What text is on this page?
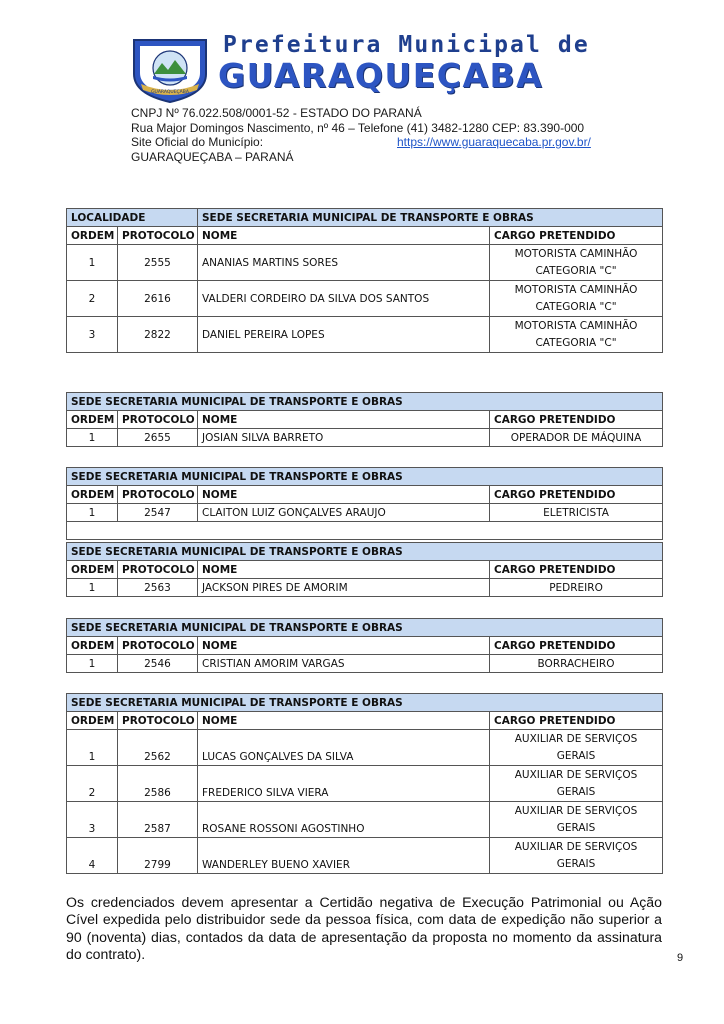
GUARAQUEÇABA
Prefeitura Municipal de
GUARAQUEÇABA
CNPJ Nº 76.022.508/0001-52 - ESTADO DO PARANÁ
Rua Major Domingos Nascimento, nº 46 – Telefone (41) 3482-1280 CEP: 83.390-000
Site Oficial do Município:	https://www.guaraquecaba.pr.gov.br/
GUARAQUEÇABA – PARANÁ
LOCALIDADE		SEDE SECRETARIA MUNICIPAL DE TRANSPORTE E OBRAS	
ORDEM	PROTOCOLO	NOME	CARGO PRETENDIDO
1	2555	ANANIAS MARTINS SORES	MOTORISTA CAMINHÃO
CATEGORIA "C"

2	2616	VALDERI CORDEIRO DA SILVA DOS SANTOS	MOTORISTA CAMINHÃO
CATEGORIA "C"

3	2822	DANIEL PEREIRA LOPES	MOTORISTA CAMINHÃO
CATEGORIA "C"
SEDE SECRETARIA MUNICIPAL DE TRANSPORTE E OBRAS			
ORDEM	PROTOCOLO	NOME	CARGO PRETENDIDO
1	2655	JOSIAN SILVA BARRETO	OPERADOR DE MÁQUINA
SEDE SECRETARIA MUNICIPAL DE TRANSPORTE E OBRAS			
ORDEM	PROTOCOLO	NOME	CARGO PRETENDIDO
1	2547	CLAITON LUIZ GONÇALVES ARAUJO	ELETRICISTA

SEDE SECRETARIA MUNICIPAL DE TRANSPORTE E OBRAS			
ORDEM	PROTOCOLO	NOME	CARGO PRETENDIDO
1	2563	JACKSON PIRES DE AMORIM	PEDREIRO
SEDE SECRETARIA MUNICIPAL DE TRANSPORTE E OBRAS			
ORDEM	PROTOCOLO	NOME	CARGO PRETENDIDO
1	2546	CRISTIAN AMORIM VARGAS	BORRACHEIRO
SEDE SECRETARIA MUNICIPAL DE TRANSPORTE E OBRAS			
ORDEM	PROTOCOLO	NOME	CARGO PRETENDIDO
1	2562	LUCAS GONÇALVES DA SILVA	AUXILIAR DE SERVIÇOS
GERAIS

2	2586	FREDERICO SILVA VIERA	AUXILIAR DE SERVIÇOS
GERAIS

3	2587	ROSANE ROSSONI AGOSTINHO	AUXILIAR DE SERVIÇOS
GERAIS

4	2799	WANDERLEY BUENO XAVIER	AUXILIAR DE SERVIÇOS
GERAIS

Os credenciados devem apresentar a Certidão negativa de Execução Patrimonial ou Ação Cível expedida pelo distribuidor sede da pessoa física, com data de expedição não superior a 90 (noventa) dias, contados da data de apresentação da proposta no momento da assinatura do contrato).	9
